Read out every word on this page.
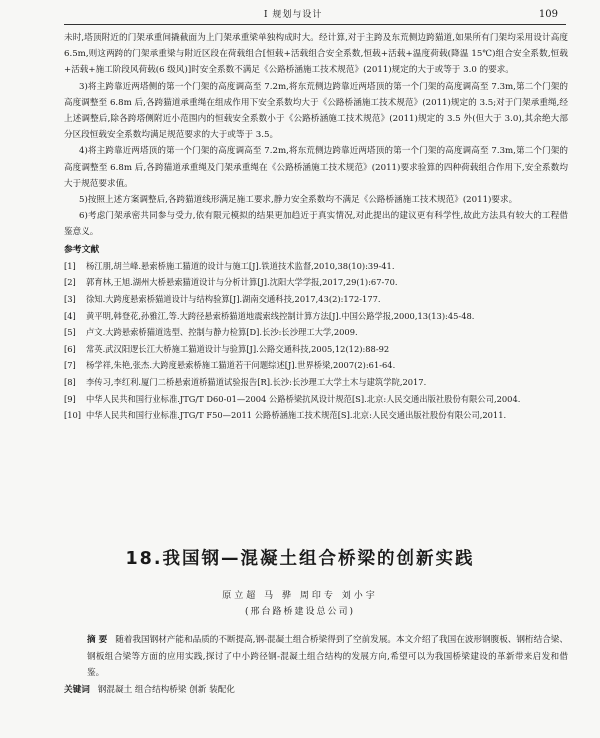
Ⅰ 规划与设计	109

未时,塔顶附近的门架承重间撬截面为上门架承重梁单独构成时大。经计算,对于主跨及东荒侧边跨猫道,如果所有门架均采用设计高度 6.5m,则这两跨的门架承重梁与附近区段在荷载组合[恒载+活载组合安全系数,恒载+活载+温度荷载(降温 15℃)组合安全系数,恒载+活载+施工阶段风荷载(6 级风)]时安全系数不满足《公路桥涵施工技术规范》(2011)规定的大于或等于 3.0 的要求。

3)将主跨靠近两塔侧的第一个门架的高度调高至 7.2m,将东荒侧边跨靠近两塔顶的第一个门架的高度调高至 7.3m,第二个门架的高度调整至 6.8m 后,各跨猫道承重绳在组成作用下安全系数均大于《公路桥涵施工技术规范》(2011)规定的 3.5;对于门架承重绳,经上述调整后,除各跨塔侧附近小范围内的恒载安全系数小于《公路桥涵施工技术规范》(2011)规定的 3.5 外(但大于 3.0),其余绝大部分区段恒载安全系数均满足规范要求的大于或等于 3.5。

4)将主跨靠近两塔顶的第一个门架的高度调高至 7.2m,将东荒侧边跨靠近两塔顶的第一个门架的高度调高至 7.3m,第二个门架的高度调整至 6.8m 后,各跨猫道承重绳及门架承重绳在《公路桥涵施工技术规范》(2011)要求验算的四种荷载组合作用下,安全系数均大于规范要求值。

5)按照上述方案调整后,各跨猫道线形满足施工要求,静力安全系数均不满足《公路桥涵施工技术规范》(2011)要求。

6)考虑门架承密共同参与受力,依有限元模拟的结果更加趋近于真实情况,对此提出的建议更有科学性,故此方法具有较大的工程借鉴意义。

参考文献
[1] 杨江朋,胡兰峰.悬索桥施工猫道的设计与施工[J].铁道技术监督,2010,38(10):39-41.
[2] 郭育林,王旭.湖州大桥悬索猫道设计与分析计算[J].沈阳大学学报,2017,29(1):67-70.
[3] 徐知.大跨度悬索桥猫道设计与结构验算[J].湖南交通科技,2017,43(2):172-177.
[4] 黄平明,韩登花,孙雅江,等.大跨径悬索桥猫道地震索线控制计算方法[J].中国公路学报,2000,13(13):45-48.
[5] 卢文.大跨悬索桥猫道选型、控制与静力检算[D].长沙:长沙理工大学,2009.
[6] 常英.武汉阳逻长江大桥施工猫道设计与验算[J].公路交通科技,2005,12(12):88-92
[7] 杨学祥,朱艳,张杰.大跨度悬索桥施工猫道若干问题综述[J].世界桥梁,2007(2):61-64.
[8] 李传习,李红利.厦门二桥悬索道桥猫道试验报告[R].长沙:长沙理工大学土木与建筑学院,2017.
[9] 中华人民共和国行业标准.JTG/T D60-01—2004 公路桥梁抗风设计规范[S].北京:人民交通出版社股份有限公司,2004.
[10] 中华人民共和国行业标准.JTG/T F50—2011 公路桥涵施工技术规范[S].北京:人民交通出版社股份有限公司,2011.
18.我国钢—混凝土组合桥梁的创新实践
原立超 马 骅 周印专 刘小宇
(邢台路桥建设总公司)
摘 要 随着我国钢材产能和品质的不断提高,钢-混凝土组合桥梁得到了空前发展。本文介绍了我国在波形钢腹板、钢桁结合梁、钢板组合梁等方面的应用实践,探讨了中小跨径钢-混凝土组合结构的发展方向,希望可以为我国桥梁建设的革新带来启发和借鉴。
关键词 钢混凝土 组合结构桥梁 创新 装配化
